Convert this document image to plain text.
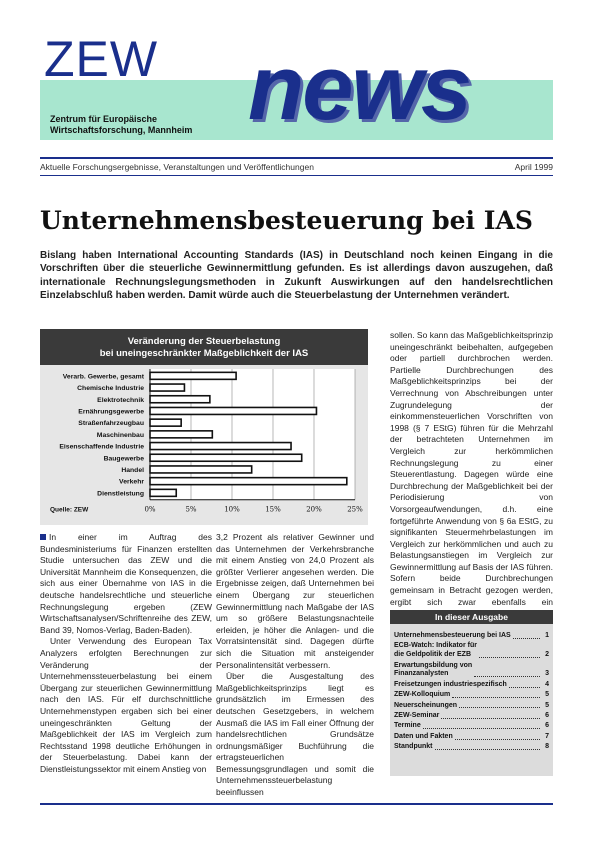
ZEW news
Zentrum für Europäische
Wirtschaftsforschung, Mannheim
Aktuelle Forschungsergebnisse, Veranstaltungen und Veröffentlichungen	April 1999
Unternehmensbesteuerung bei IAS
Bislang haben International Accounting Standards (IAS) in Deutschland noch keinen Eingang in die Vorschriften über die steuerliche Gewinnermittlung gefunden. Es ist allerdings davon auszugehen, daß internationale Rechnungslegungsmethoden in Zukunft Auswirkungen auf den handelsrechtlichen Einzelabschluß haben werden. Damit würde auch die Steuerbelastung der Unternehmen verändert.
Veränderung der Steuerbelastung
bei uneingeschränkter Maßgeblichkeit der IAS
0%	5%	10%	15%	20%	25%
Verarb. Gewerbe, gesamt
Chemische Industrie
Elektrotechnik
Ernährungsgewerbe
Straßenfahrzeugbau
Maschinenbau
Eisenschaffende Industrie
Baugewerbe
Handel
Verkehr
Dienstleistung
Quelle: ZEW

In einer im Auftrag des Bundesministeriums für Finanzen erstellten Studie untersuchen das ZEW und die Universität Mannheim die Konsequenzen, die sich aus einer Übernahme von IAS in die deutsche handelsrechtliche und steuerliche Rechnungslegung ergeben (ZEW Wirtschaftsanalysen/Schriftenreihe des ZEW, Band 39, Nomos-Verlag, Baden-Baden).

Unter Verwendung des European Tax Analyzers erfolgten Berechnungen zur Veränderung der Unternehmenssteuerbelastung bei einem Übergang zur steuerlichen Gewinnermittlung nach den IAS. Für elf durchschnittliche Unternehmenstypen ergaben sich bei einer uneingeschränkten Geltung der Maßgeblichkeit der IAS im Vergleich zum Rechtsstand 1998 deutliche Erhöhungen in der Steuerbelastung. Dabei kann der Dienstleistungssektor mit einem Anstieg von

3,2 Prozent als relativer Gewinner und das Unternehmen der Verkehrsbranche mit einem Anstieg von 24,0 Prozent als größter Verlierer angesehen werden. Die Ergebnisse zeigen, daß Unternehmen bei einem Übergang zur steuerlichen Gewinnermittlung nach Maßgabe der IAS um so größere Belastungsnachteile erleiden, je höher die Anlagen- und die Vorratsintensität sind. Dagegen dürfte sich die Situation mit ansteigender Personalintensität verbessern.

Über die Ausgestaltung des Maßgeblichkeitsprinzips liegt es grundsätzlich im Ermessen des deutschen Gesetzgebers, in welchem Ausmaß die IAS im Fall einer Öffnung der handelsrechtlichen Grundsätze ordnungsmäßiger Buchführung die ertragsteuerlichen Bemessungsgrundlagen und somit die Unternehmenssteuerbelastung beeinflussen

sollen. So kann das Maßgeblichkeitsprinzip uneingeschränkt beibehalten, aufgegeben oder partiell durchbrochen werden. Partielle Durchbrechungen des Maßgeblichkeitsprinzips bei der Verrechnung von Abschreibungen unter Zugrundelegung der einkommensteuerlichen Vorschriften von 1998 (§ 7 EStG) führen für die Mehrzahl der betrachteten Unternehmen im Vergleich zur herkömmlichen Rechnungslegung zu einer Steuerentlastung. Dagegen würde eine Durchbrechung der Maßgeblichkeit bei der Periodisierung von Vorsorgeaufwendungen, d.h. eine fortgeführte Anwendung von § 6a EStG, zu signifikanten Steuermehrbelastungen im Vergleich zur herkömmlichen und auch zu Belastungsanstiegen im Vergleich zur Gewinnermittlung auf Basis der IAS führen. Sofern beide Durchbrechungen gemeinsam in Betracht gezogen werden, ergibt sich zwar ebenfalls ein

In dieser Ausgabe
Unternehmensbesteuerung bei IAS	1
ECB-Watch: Indikator für
die Geldpolitik der EZB	2
Erwartungsbildung von
Finanzanalysten	3
Freisetzungen industriespezifisch	4
ZEW-Kolloquium	5
Neuerscheinungen	5
ZEW-Seminar	6
Termine	6
Daten und Fakten	7
Standpunkt	8
